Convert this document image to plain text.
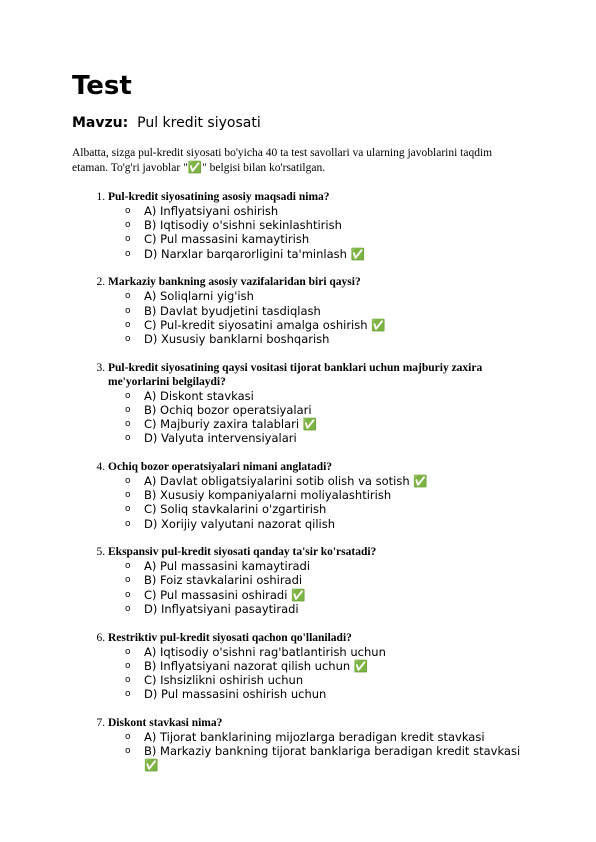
Test

Mavzu: Pul kredit siyosati

Albatta, sizga pul-kredit siyosati bo'yicha 40 ta test savollari va ularning javoblarini taqdim etaman. To'g'ri javoblar "✅" belgisi bilan ko'rsatilgan.

1. Pul-kredit siyosatining asosiy maqsadi nima?
o A) Inflyatsiyani oshirish
o B) Iqtisodiy o'sishni sekinlashtirish
o C) Pul massasini kamaytirish
o D) Narxlar barqarorligini ta'minlash ✅
2. Markaziy bankning asosiy vazifalaridan biri qaysi?
o A) Soliqlarni yig'ish
o B) Davlat byudjetini tasdiqlash
o C) Pul-kredit siyosatini amalga oshirish ✅
o D) Xususiy banklarni boshqarish
3. Pul-kredit siyosatining qaysi vositasi tijorat banklari uchun majburiy zaxira me'yorlarini belgilaydi?
o A) Diskont stavkasi
o B) Ochiq bozor operatsiyalari
o C) Majburiy zaxira talablari ✅
o D) Valyuta intervensiyalari
4. Ochiq bozor operatsiyalari nimani anglatadi?
o A) Davlat obligatsiyalarini sotib olish va sotish ✅
o B) Xususiy kompaniyalarni moliyalashtirish
o C) Soliq stavkalarini o'zgartirish
o D) Xorijiy valyutani nazorat qilish
5. Ekspansiv pul-kredit siyosati qanday ta'sir ko'rsatadi?
o A) Pul massasini kamaytiradi
o B) Foiz stavkalarini oshiradi
o C) Pul massasini oshiradi ✅
o D) Inflyatsiyani pasaytiradi
6. Restriktiv pul-kredit siyosati qachon qo'llaniladi?
o A) Iqtisodiy o'sishni rag'batlantirish uchun
o B) Inflyatsiyani nazorat qilish uchun ✅
o C) Ishsizlikni oshirish uchun
o D) Pul massasini oshirish uchun
7. Diskont stavkasi nima?
o A) Tijorat banklarining mijozlarga beradigan kredit stavkasi
o B) Markaziy bankning tijorat banklariga beradigan kredit stavkasi ✅
